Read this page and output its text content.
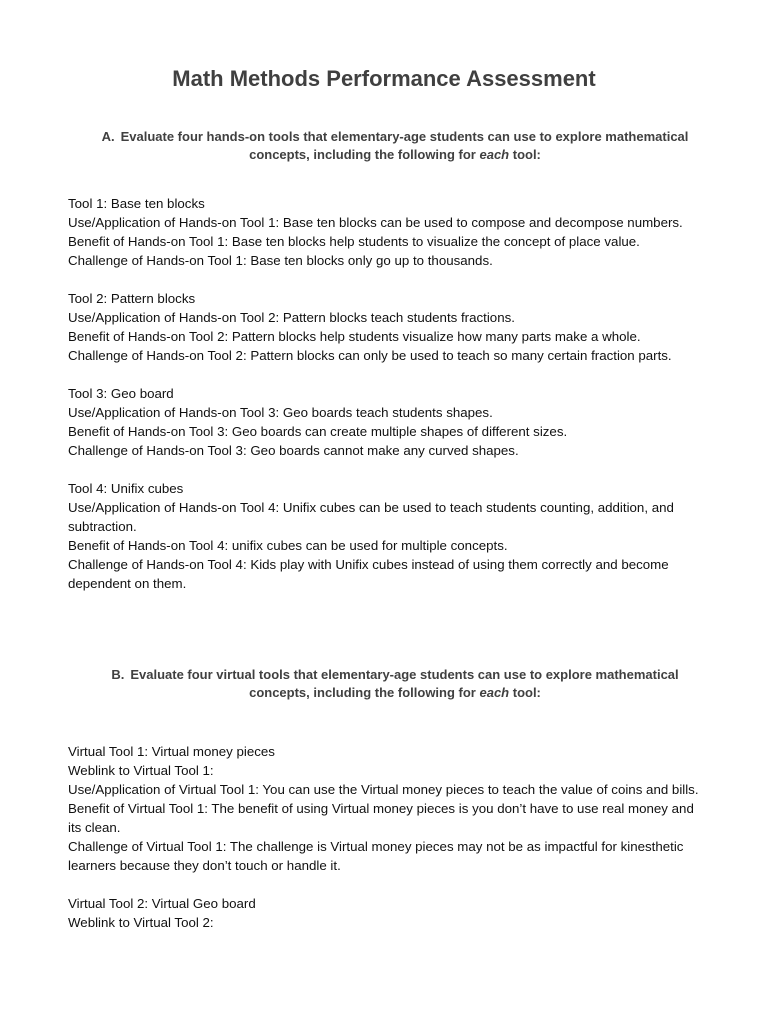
Math Methods Performance Assessment
A. Evaluate four hands-on tools that elementary-age students can use to explore mathematical
concepts, including the following for each tool:

Tool 1: Base ten blocks

Use/Application of Hands-on Tool 1: Base ten blocks can be used to compose and decompose numbers.

Benefit of Hands-on Tool 1: Base ten blocks help students to visualize the concept of place value.

Challenge of Hands-on Tool 1: Base ten blocks only go up to thousands.

Tool 2: Pattern blocks

Use/Application of Hands-on Tool 2: Pattern blocks teach students fractions.

Benefit of Hands-on Tool 2: Pattern blocks help students visualize how many parts make a whole.

Challenge of Hands-on Tool 2: Pattern blocks can only be used to teach so many certain fraction parts.

Tool 3: Geo board

Use/Application of Hands-on Tool 3: Geo boards teach students shapes.

Benefit of Hands-on Tool 3: Geo boards can create multiple shapes of different sizes.

Challenge of Hands-on Tool 3: Geo boards cannot make any curved shapes.

Tool 4: Unifix cubes

Use/Application of Hands-on Tool 4: Unifix cubes can be used to teach students counting, addition, and subtraction.

Benefit of Hands-on Tool 4: unifix cubes can be used for multiple concepts.

Challenge of Hands-on Tool 4: Kids play with Unifix cubes instead of using them correctly and become dependent on them.

B. Evaluate four virtual tools that elementary-age students can use to explore mathematical
concepts, including the following for each tool:

Virtual Tool 1: Virtual money pieces

Weblink to Virtual Tool 1:

Use/Application of Virtual Tool 1: You can use the Virtual money pieces to teach the value of coins and bills.

Benefit of Virtual Tool 1: The benefit of using Virtual money pieces is you don’t have to use real money and its clean.

Challenge of Virtual Tool 1: The challenge is Virtual money pieces may not be as impactful for kinesthetic learners because they don’t touch or handle it.

Virtual Tool 2: Virtual Geo board

Weblink to Virtual Tool 2:
